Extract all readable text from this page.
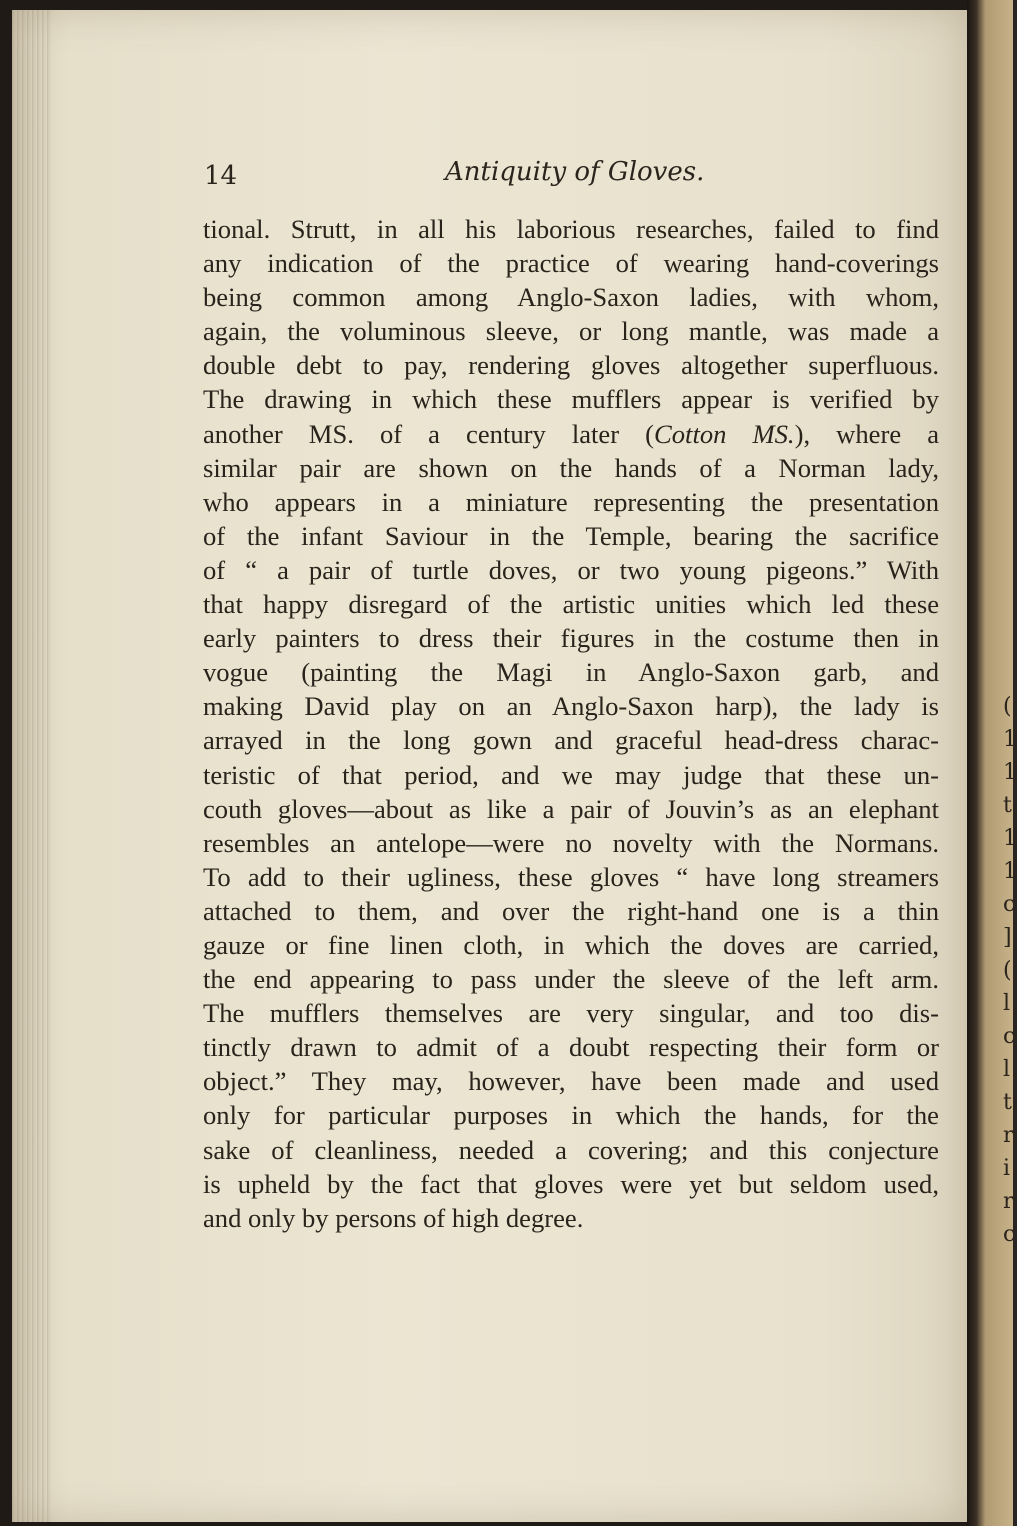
(
1
1
t
1
1
c
]
(
l
c
l
t
r
i
r
c
14	Antiquity of Gloves.
tional. Strutt, in all his laborious researches, failed to find
any indication of the practice of wearing hand-coverings
being common among Anglo-Saxon ladies, with whom,
again, the voluminous sleeve, or long mantle, was made a
double debt to pay, rendering gloves altogether superfluous.
The drawing in which these mufflers appear is verified by
another MS. of a century later (Cotton MS.), where a
similar pair are shown on the hands of a Norman lady,
who appears in a miniature representing the presentation
of the infant Saviour in the Temple, bearing the sacrifice
of “ a pair of turtle doves, or two young pigeons.” With
that happy disregard of the artistic unities which led these
early painters to dress their figures in the costume then in
vogue (painting the Magi in Anglo-Saxon garb, and
making David play on an Anglo-Saxon harp), the lady is
arrayed in the long gown and graceful head-dress charac-
teristic of that period, and we may judge that these un-
couth gloves—about as like a pair of Jouvin’s as an elephant
resembles an antelope—were no novelty with the Normans.
To add to their ugliness, these gloves “ have long streamers
attached to them, and over the right-hand one is a thin
gauze or fine linen cloth, in which the doves are carried,
the end appearing to pass under the sleeve of the left arm.
The mufflers themselves are very singular, and too dis-
tinctly drawn to admit of a doubt respecting their form or
object.” They may, however, have been made and used
only for particular purposes in which the hands, for the
sake of cleanliness, needed a covering; and this conjecture
is upheld by the fact that gloves were yet but seldom used,
and only by persons of high degree.
